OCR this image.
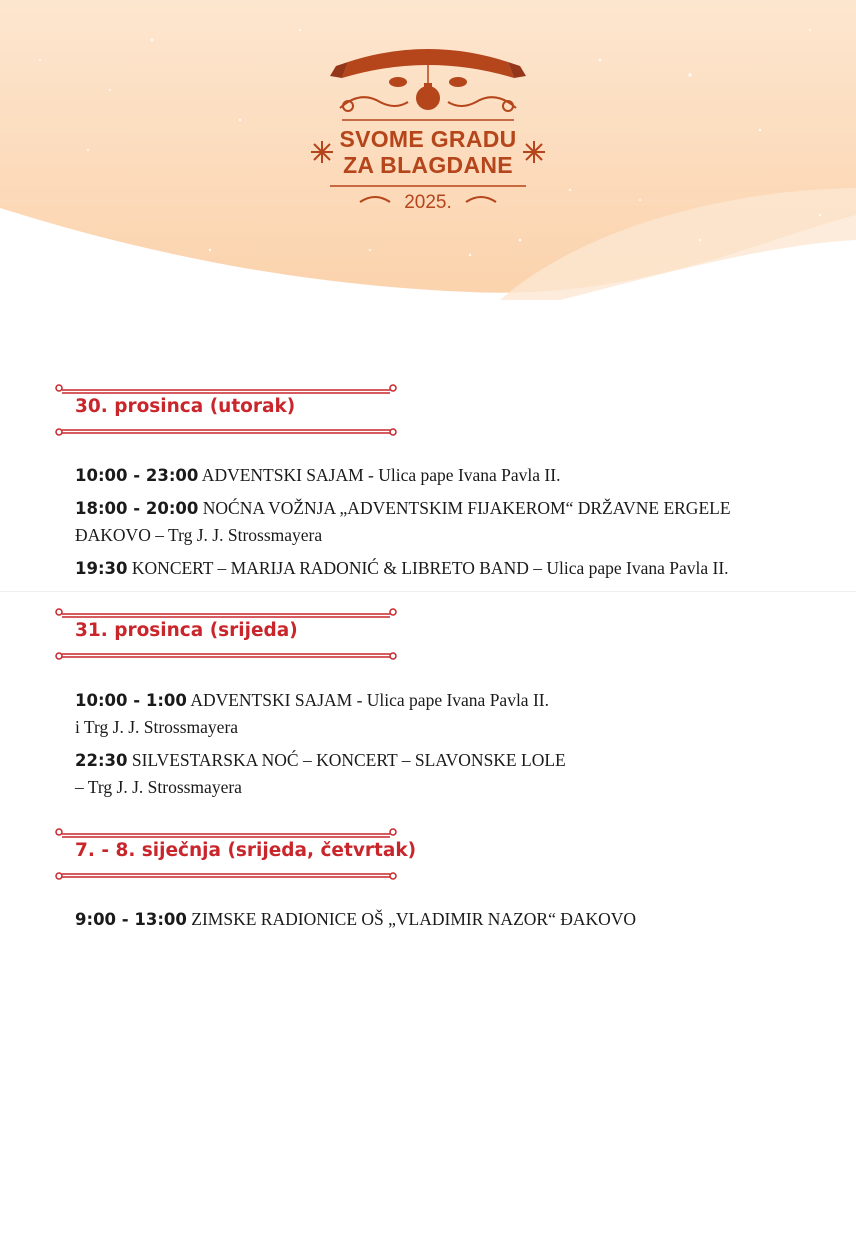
SVOME GRADU
ZA BLAGDANE
2025.
30. prosinca (utorak)
10:00 - 23:00 ADVENTSKI SAJAM - Ulica pape Ivana Pavla II.
18:00 - 20:00 NOĆNA VOŽNJA „ADVENTSKIM FIJAKEROM“ DRŽAVNE ERGELE ĐAKOVO – Trg J. J. Strossmayera
19:30 KONCERT – MARIJA RADONIĆ & LIBRETO BAND – Ulica pape Ivana Pavla II.
31. prosinca (srijeda)
10:00 - 1:00 ADVENTSKI SAJAM - Ulica pape Ivana Pavla II.
i Trg J. J. Strossmayera
22:30 SILVESTARSKA NOĆ – KONCERT – SLAVONSKE LOLE
– Trg J. J. Strossmayera
7. - 8. siječnja (srijeda, četvrtak)
9:00 - 13:00 ZIMSKE RADIONICE OŠ „VLADIMIR NAZOR“ ĐAKOVO
